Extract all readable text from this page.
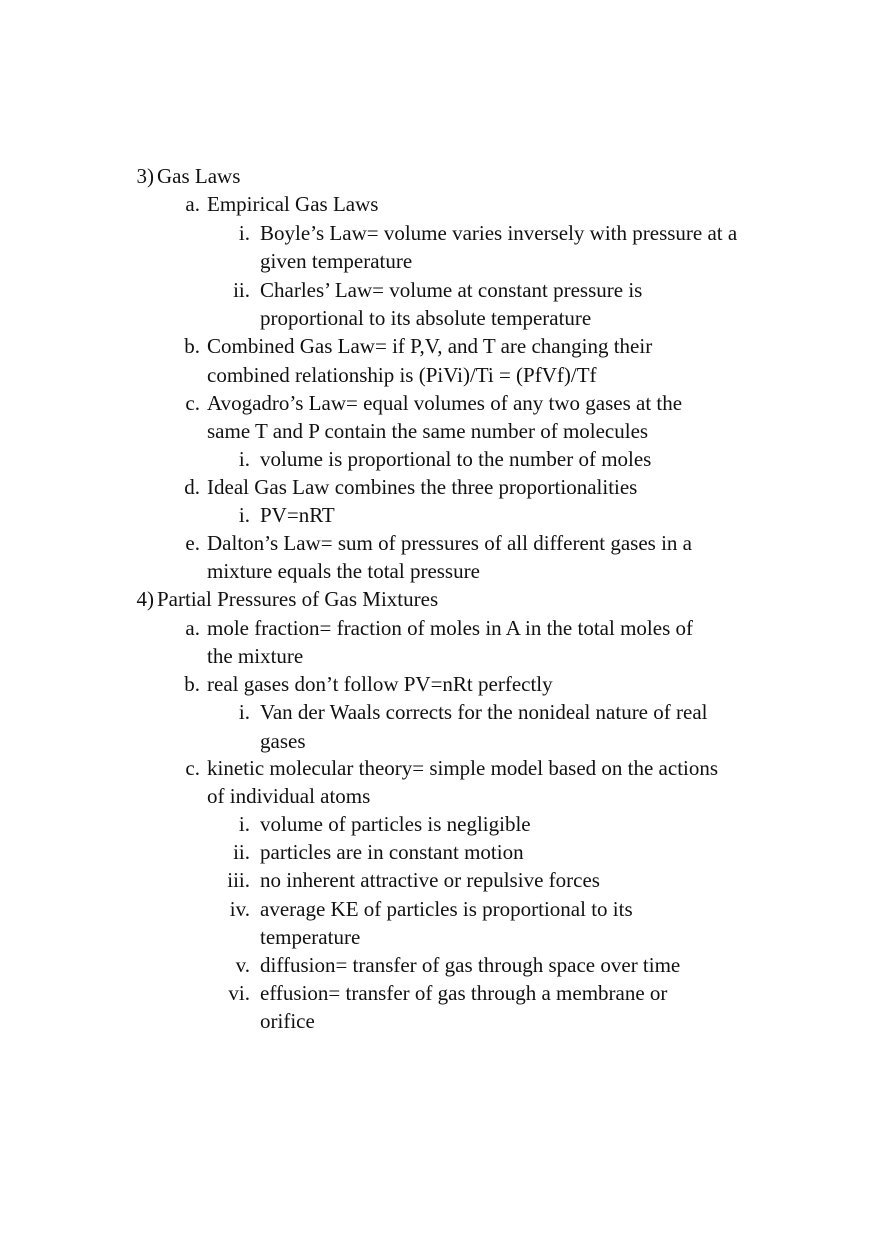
3) Gas Laws
a. Empirical Gas Laws
i. Boyle’s Law= volume varies inversely with pressure at a
given temperature
ii. Charles’ Law= volume at constant pressure is
proportional to its absolute temperature
b. Combined Gas Law= if P,V, and T are changing their
combined relationship is (PiVi)/Ti = (PfVf)/Tf
c. Avogadro’s Law= equal volumes of any two gases at the
same T and P contain the same number of molecules
i. volume is proportional to the number of moles
d. Ideal Gas Law combines the three proportionalities
i. PV=nRT
e. Dalton’s Law= sum of pressures of all different gases in a
mixture equals the total pressure
4) Partial Pressures of Gas Mixtures
a. mole fraction= fraction of moles in A in the total moles of
the mixture
b. real gases don’t follow PV=nRt perfectly
i. Van der Waals corrects for the nonideal nature of real
gases
c. kinetic molecular theory= simple model based on the actions
of individual atoms
i. volume of particles is negligible
ii. particles are in constant motion
iii. no inherent attractive or repulsive forces
iv. average KE of particles is proportional to its
temperature
v. diffusion= transfer of gas through space over time
vi. effusion= transfer of gas through a membrane or
orifice
